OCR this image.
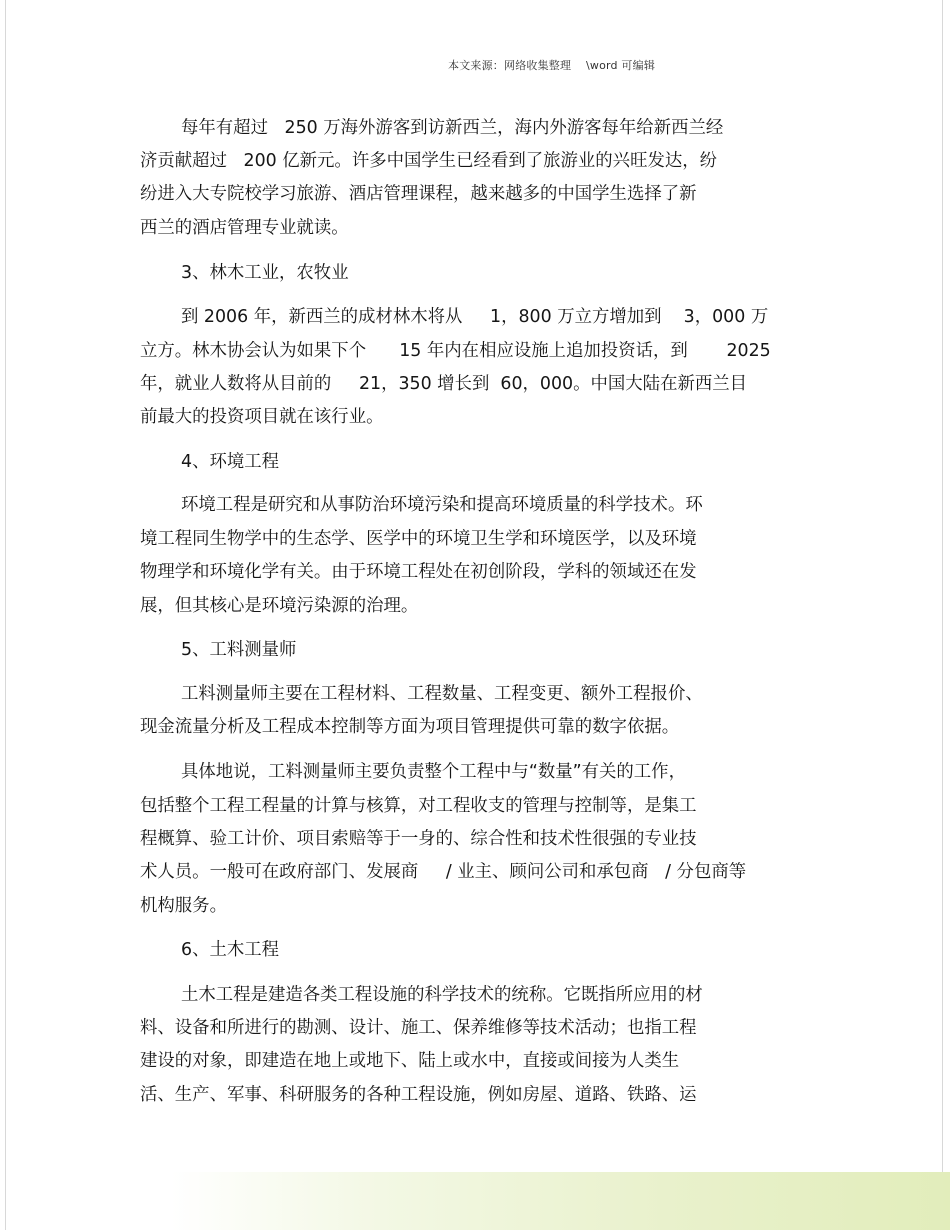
本文来源：网络收集整理    \word 可编辑
每年有超过   250 万海外游客到访新西兰，海内外游客每年给新西兰经
济贡献超过   200 亿新元。许多中国学生已经看到了旅游业的兴旺发达，纷
纷进入大专院校学习旅游、酒店管理课程，越来越多的中国学生选择了新
西兰的酒店管理专业就读。
3、林木工业，农牧业
到 2006 年，新西兰的成材林木将从     1，800 万立方增加到    3，000 万
立方。林木协会认为如果下个      15 年内在相应设施上追加投资话，到       2025
年，就业人数将从目前的     21，350 增长到  60，000。中国大陆在新西兰目
前最大的投资项目就在该行业。
4、环境工程
环境工程是研究和从事防治环境污染和提高环境质量的科学技术。环
境工程同生物学中的生态学、医学中的环境卫生学和环境医学，以及环境
物理学和环境化学有关。由于环境工程处在初创阶段，学科的领域还在发
展，但其核心是环境污染源的治理。
5、工料测量师
工料测量师主要在工程材料、工程数量、工程变更、额外工程报价、
现金流量分析及工程成本控制等方面为项目管理提供可靠的数字依据。
具体地说，工料测量师主要负责整个工程中与“数量”有关的工作，
包括整个工程工程量的计算与核算，对工程收支的管理与控制等，是集工
程概算、验工计价、项目索赔等于一身的、综合性和技术性很强的专业技
术人员。一般可在政府部门、发展商     / 业主、顾问公司和承包商   / 分包商等
机构服务。
6、土木工程
土木工程是建造各类工程设施的科学技术的统称。它既指所应用的材
料、设备和所进行的勘测、设计、施工、保养维修等技术活动；也指工程
建设的对象，即建造在地上或地下、陆上或水中，直接或间接为人类生
活、生产、军事、科研服务的各种工程设施，例如房屋、道路、铁路、运
